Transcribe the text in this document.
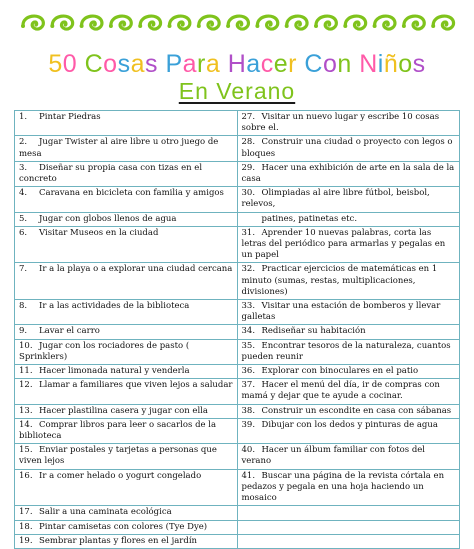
50 Cosas Para Hacer Con Niños
En Verano
1. Pintar Piedras	27. Visitar un nuevo lugar y escribe 10 cosas sobre el.
2. Jugar Twister al aire libre u otro juego de mesa	28. Construir una ciudad o proyecto con legos o bloques
3. Diseñar su propia casa con tizas en el concreto	29. Hacer una exhibición de arte en la sala de la casa
4. Caravana en bicicleta con familia y amigos	30. Olimpiadas al aire libre fútbol, beisbol, relevos,
5. Jugar con globos llenos de agua	patines, patinetas etc.
6. Visitar Museos en la ciudad	31. Aprender 10 nuevas palabras, corta las letras del periódico para armarlas y pegalas en un papel
7. Ir a la playa o a explorar una ciudad cercana	32. Practicar ejercicios de matemáticas en 1 minuto (sumas, restas, multiplicaciones, divisiones)
8. Ir a las actividades de la biblioteca	33. Visitar una estación de bomberos y llevar galletas
9. Lavar el carro	34. Rediseñar su habitación
10. Jugar con los rociadores de pasto ( Sprinklers)	35. Encontrar tesoros de la naturaleza, cuantos pueden reunir
11. Hacer limonada natural y venderla	36. Explorar con binoculares en el patio
12. Llamar a familiares que viven lejos a saludar	37. Hacer el menú del día, ir de compras con mamá y dejar que te ayude a cocinar.
13. Hacer plastilina casera y jugar con ella	38. Construir un escondite en casa con sábanas
14. Comprar libros para leer o sacarlos de la biblioteca	39. Dibujar con los dedos y pinturas de agua
15. Enviar postales y tarjetas a personas que viven lejos	40. Hacer un álbum familiar con fotos del verano
16. Ir a comer helado o yogurt congelado	41. Buscar una página de la revista córtala en pedazos y pegala en una hoja haciendo un mosaico
17. Salir a una caminata ecológica	
18. Pintar camisetas con colores (Tye Dye)	
19. Sembrar plantas y flores en el jardín	
